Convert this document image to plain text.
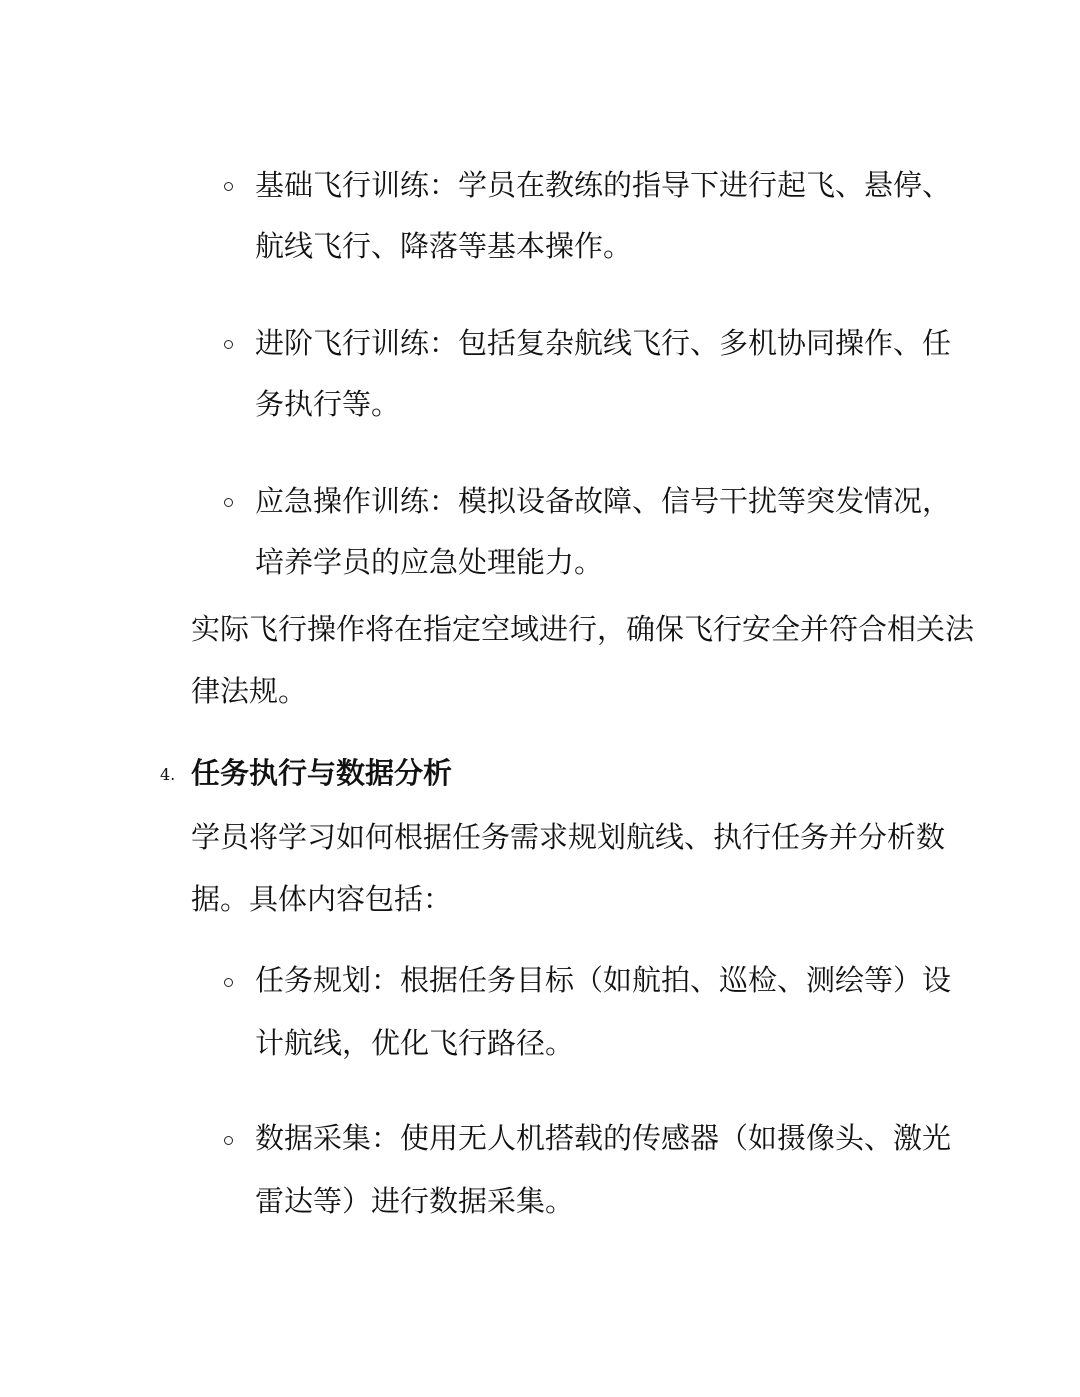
基础飞行训练：学员在教练的指导下进行起飞、悬停、
航线飞行、降落等基本操作。
进阶飞行训练：包括复杂航线飞行、多机协同操作、任
务执行等。
应急操作训练：模拟设备故障、信号干扰等突发情况，
培养学员的应急处理能力。
实际飞行操作将在指定空域进行，确保飞行安全并符合相关法
律法规。
4. 任务执行与数据分析
学员将学习如何根据任务需求规划航线、执行任务并分析数
据。具体内容包括：
任务规划：根据任务目标（如航拍、巡检、测绘等）设
计航线，优化飞行路径。
数据采集：使用无人机搭载的传感器（如摄像头、激光
雷达等）进行数据采集。
